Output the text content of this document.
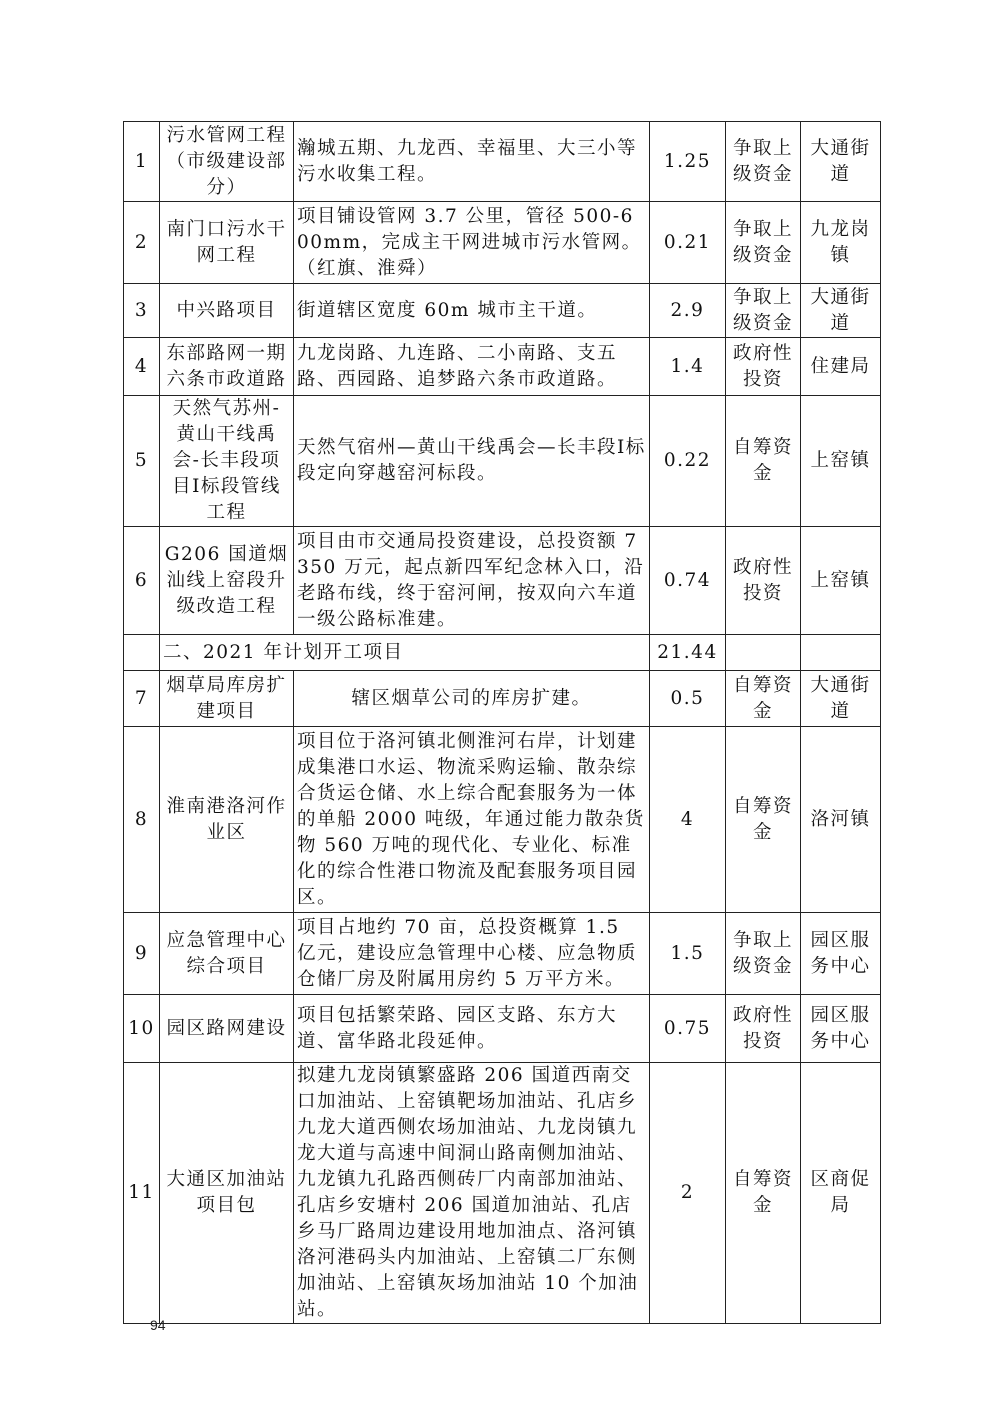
1	污水管网工程（市级建设部分）	瀚城五期、九龙西、幸福里、大三小等污水收集工程。	1.25	争取上级资金	大通街道
2	南门口污水干网工程	项目铺设管网 3.7 公里，管径 500-600mm，完成主干网进城市污水管网。（红旗、淮舜）	0.21	争取上级资金	九龙岗镇
3	中兴路项目	街道辖区宽度 60m 城市主干道。	2.9	争取上级资金	大通街道
4	东部路网一期六条市政道路	九龙岗路、九连路、二小南路、支五路、西园路、追梦路六条市政道路。	1.4	政府性投资	住建局
5	天然气苏州-黄山干线禹会-长丰段项目Ⅰ标段管线工程	天然气宿州—黄山干线禹会—长丰段Ⅰ标段定向穿越窑河标段。	0.22	自筹资金	上窑镇
6	G206 国道烟汕线上窑段升级改造工程	项目由市交通局投资建设，总投资额 7350 万元，起点新四军纪念林入口，沿老路布线，终于窑河闸，按双向六车道一级公路标准建。	0.74	政府性投资	上窑镇
	二、2021 年计划开工项目		21.44		
7	烟草局库房扩建项目	辖区烟草公司的库房扩建。	0.5	自筹资金	大通街道
8	淮南港洛河作业区	项目位于洛河镇北侧淮河右岸，计划建成集港口水运、物流采购运输、散杂综合货运仓储、水上综合配套服务为一体的单船 2000 吨级，年通过能力散杂货物 560 万吨的现代化、专业化、标准化的综合性港口物流及配套服务项目园区。	4	自筹资金	洛河镇
9	应急管理中心综合项目	项目占地约 70 亩，总投资概算 1.5 亿元，建设应急管理中心楼、应急物质仓储厂房及附属用房约 5 万平方米。	1.5	争取上级资金	园区服务中心
10	园区路网建设	项目包括繁荣路、园区支路、东方大道、富华路北段延伸。	0.75	政府性投资	园区服务中心
11	大通区加油站项目包	拟建九龙岗镇繁盛路 206 国道西南交口加油站、上窑镇靶场加油站、孔店乡九龙大道西侧农场加油站、九龙岗镇九龙大道与高速中间洞山路南侧加油站、九龙镇九孔路西侧砖厂内南部加油站、孔店乡安塘村 206 国道加油站、孔店乡马厂路周边建设用地加油点、洛河镇洛河港码头内加油站、上窑镇二厂东侧加油站、上窑镇灰场加油站 10 个加油站。	2	自筹资金	区商促局
94
